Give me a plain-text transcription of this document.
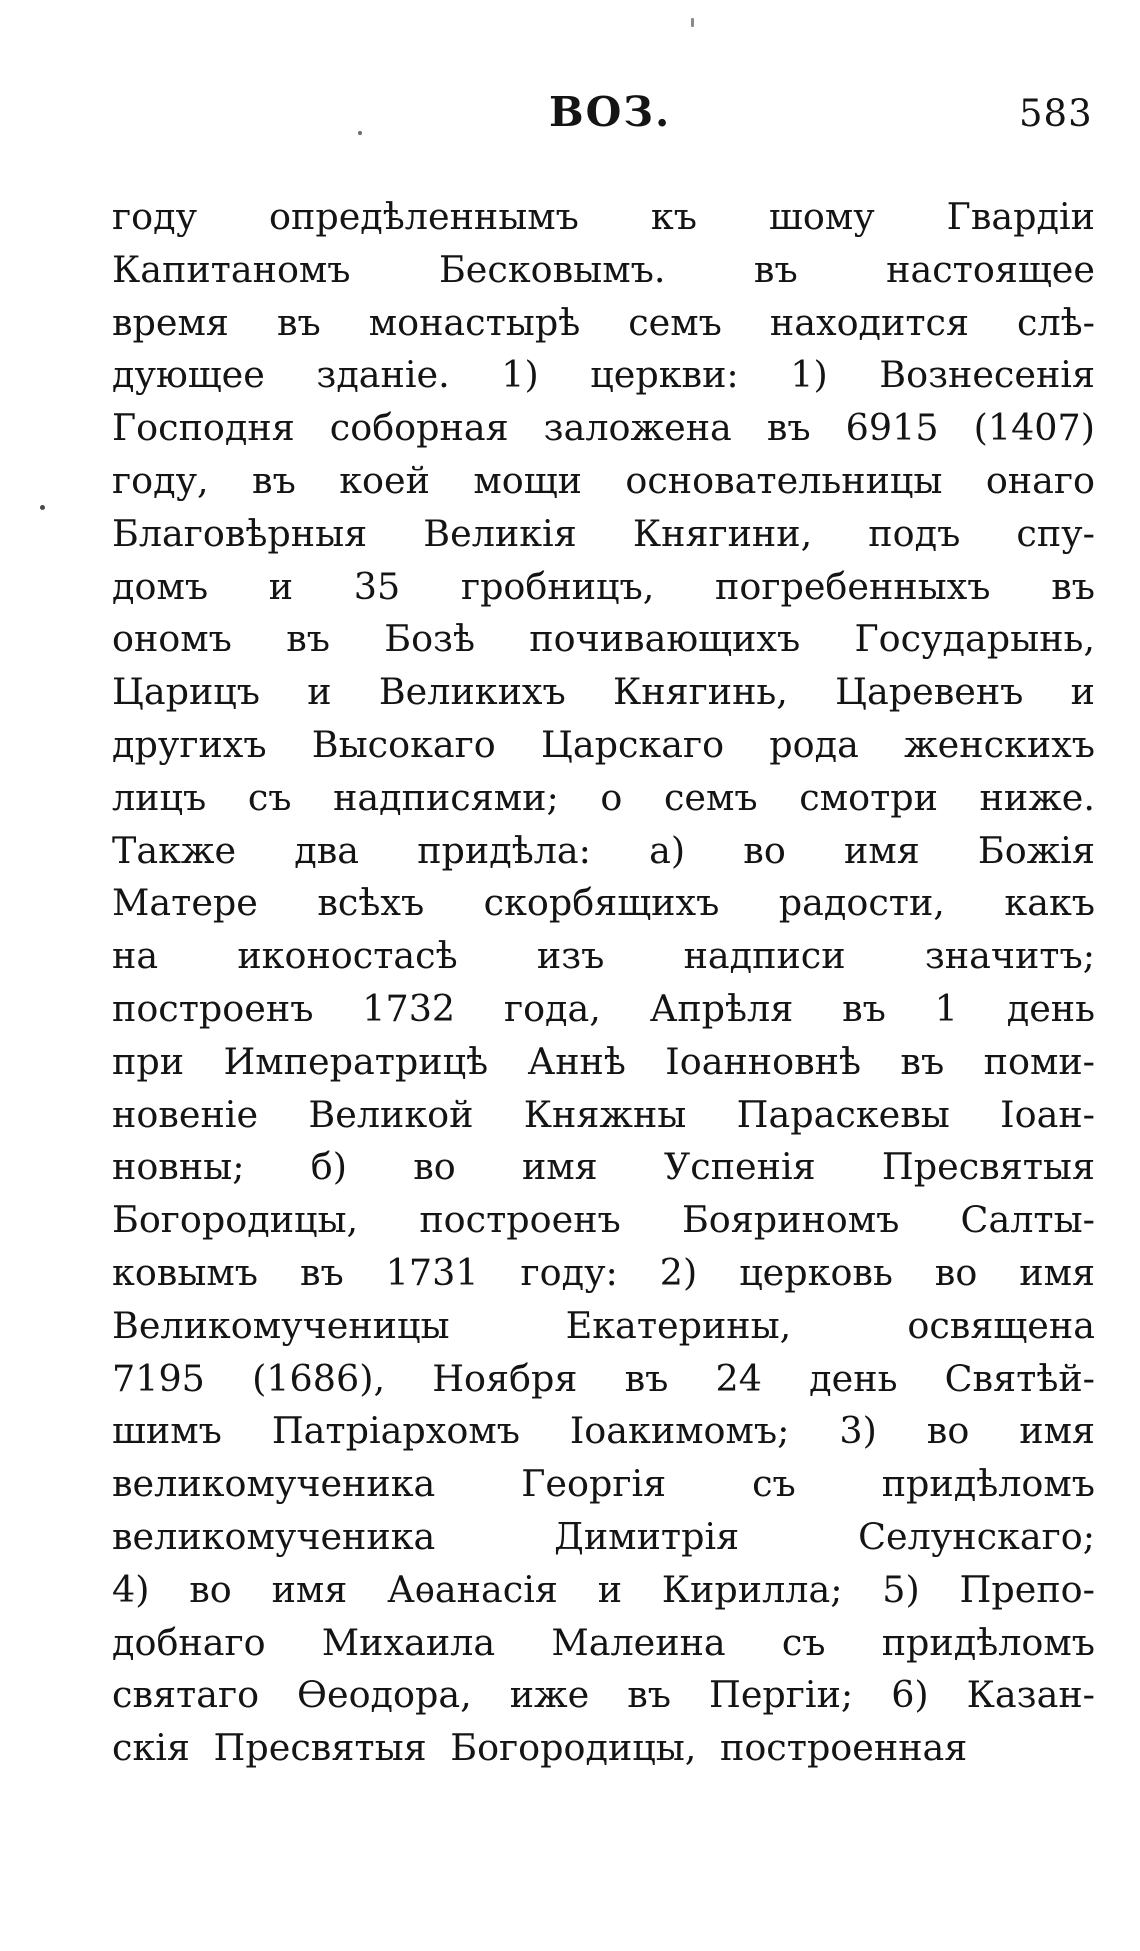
ВОЗ.	583
году опредѣленнымъ къ шому Гвардіи
Капитаномъ Бесковымъ. въ настоящее
время въ монастырѣ семъ находится слѣ-
дующее зданіе. 1) церкви: 1) Вознесенія
Господня соборная заложена въ 6915 (1407)
году, въ коей мощи основательницы онаго
Благовѣрныя Великія Княгини, подъ спу-
домъ и 35 гробницъ, погребенныхъ въ
ономъ въ Бозѣ почивающихъ Государынь,
Царицъ и Великихъ Княгинь, Царевенъ и
другихъ Высокаго Царскаго рода женскихъ
лицъ съ надписями; о семъ смотри ниже.
Также два придѣла: а) во имя Божія
Матере всѣхъ скорбящихъ радости, какъ
на иконостасѣ изъ надписи значитъ;
построенъ 1732 года, Апрѣля въ 1 день
при Императрицѣ Аннѣ Іоанновнѣ въ поми-
новеніе Великой Княжны Параскевы Іоан-
новны; б) во имя Успенія Пресвятыя
Богородицы, построенъ Бояриномъ Салты-
ковымъ въ 1731 году: 2) церковь во имя
Великомученицы Екатерины, освящена
7195 (1686), Ноября въ 24 день Святѣй-
шимъ Патріархомъ Іоакимомъ; 3) во имя
великомученика Георгія съ придѣломъ
великомученика Димитрія Селунскаго;
4) во имя Аѳанасія и Кирилла; 5) Препо-
добнаго Михаила Малеина съ придѣломъ
святаго Ѳеодора, иже въ Пергіи; 6) Казан-
скія Пресвятыя Богородицы, построенная
